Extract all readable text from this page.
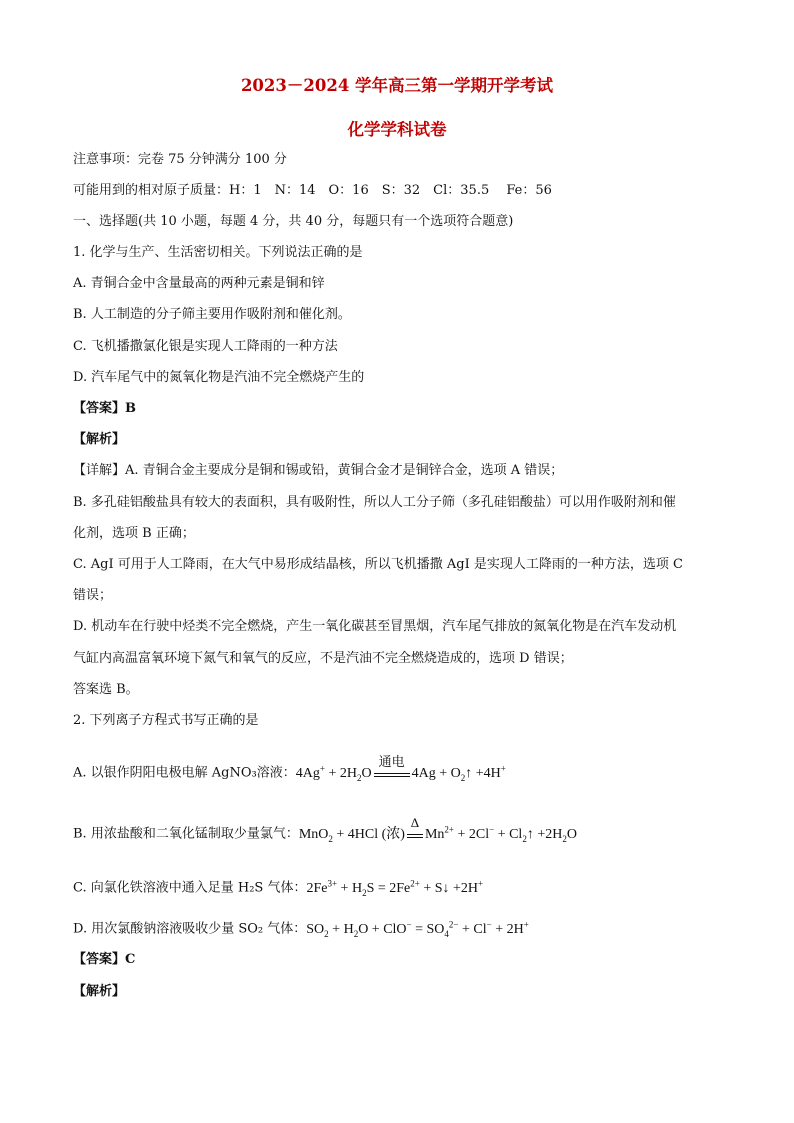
2023－2024 学年高三第一学期开学考试
化学学科试卷
注意事项：完卷 75 分钟满分 100 分
可能用到的相对原子质量：H：1　N：14　O：16　S：32　Cl：35.5　 Fe：56
一、选择题(共 10 小题，每题 4 分，共 40 分，每题只有一个选项符合题意)
1. 化学与生产、生活密切相关。下列说法正确的是
A. 青铜合金中含量最高的两种元素是铜和锌
B. 人工制造的分子筛主要用作吸附剂和催化剂。
C. 飞机播撒氯化银是实现人工降雨的一种方法
D. 汽车尾气中的氮氧化物是汽油不完全燃烧产生的
【答案】B
【解析】
【详解】A. 青铜合金主要成分是铜和锡或铅，黄铜合金才是铜锌合金，选项 A 错误；
B. 多孔硅铝酸盐具有较大的表面积，具有吸附性，所以人工分子筛（多孔硅铝酸盐）可以用作吸附剂和催
化剂，选项 B 正确；
C. AgI 可用于人工降雨，在大气中易形成结晶核，所以飞机播撒 AgI 是实现人工降雨的一种方法，选项 C
错误；
D. 机动车在行驶中烃类不完全燃烧，产生一氧化碳甚至冒黑烟，汽车尾气排放的氮氧化物是在汽车发动机
气缸内高温富氧环境下氮气和氧气的反应，不是汽油不完全燃烧造成的，选项 D 错误；
答案选 B。
2. 下列离子方程式书写正确的是
A. 以银作阴阳电极电解 AgNO₃溶液：$4Ag^+ + 2H_2O$
通电
$4Ag + O_2↑ +4H^+$
B. 用浓盐酸和二氧化锰制取少量氯气：MnO$_2$ + 4HCl (浓)
Δ
$Mn^{2+} + 2Cl^-$ + $Cl_2↑ +2H_2O$
C. 向氯化铁溶液中通入足量 H₂S 气体：$2Fe^{3+} + H_2S = 2Fe^{2+}$ + S↓ +2H+
D. 用次氯酸钠溶液吸收少量 SO₂ 气体：$SO_2 + H_2O + ClO^- = SO_4^{2-} + Cl^- + 2H^+$
【答案】C
【解析】
